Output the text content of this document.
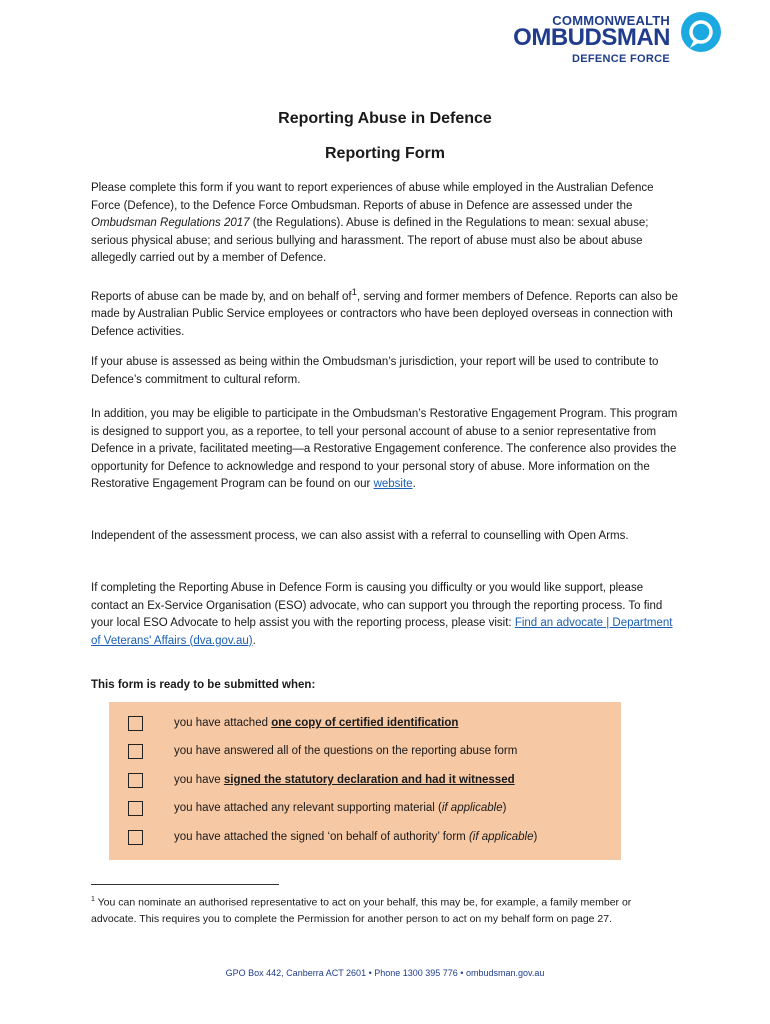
COMMONWEALTH
OMBUDSMAN
DEFENCE FORCE
Reporting Abuse in Defence
Reporting Form

Please complete this form if you want to report experiences of abuse while employed in the Australian Defence Force (Defence), to the Defence Force Ombudsman. Reports of abuse in Defence are assessed under the Ombudsman Regulations 2017 (the Regulations). Abuse is defined in the Regulations to mean: sexual abuse; serious physical abuse; and serious bullying and harassment. The report of abuse must also be about abuse allegedly carried out by a member of Defence.

Reports of abuse can be made by, and on behalf $of^1$, serving and former members of Defence. Reports can also be made by Australian Public Service employees or contractors who have been deployed overseas in connection with Defence activities.

If your abuse is assessed as being within the Ombudsman’s jurisdiction, your report will be used to contribute to Defence’s commitment to cultural reform.

In addition, you may be eligible to participate in the Ombudsman’s Restorative Engagement Program. This program is designed to support you, as a reportee, to tell your personal account of abuse to a senior representative from Defence in a private, facilitated meeting—a Restorative Engagement conference. The conference also provides the opportunity for Defence to acknowledge and respond to your personal story of abuse. More information on the Restorative Engagement Program can be found on our website.

Independent of the assessment process, we can also assist with a referral to counselling with Open Arms.

If completing the Reporting Abuse in Defence Form is causing you difficulty or you would like support, please contact an Ex-Service Organisation (ESO) advocate, who can support you through the reporting process. To find your local ESO Advocate to help assist you with the reporting process, please visit: Find an advocate | Department of Veterans' Affairs (dva.gov.au).

This form is ready to be submitted when:
you have attached one copy of certified identification
you have answered all of the questions on the reporting abuse form
you have signed the statutory declaration and had it witnessed
you have attached any relevant supporting material (if applicable)
you have attached the signed ‘on behalf of authority’ form (if applicable)
$^1$ You can nominate an authorised representative to act on your behalf, this may be, for example, a family member or advocate. This requires you to complete the Permission for another person to act on my behalf form on page 27.
GPO Box 442, Canberra ACT 2601 • Phone 1300 395 776 • ombudsman.gov.au
